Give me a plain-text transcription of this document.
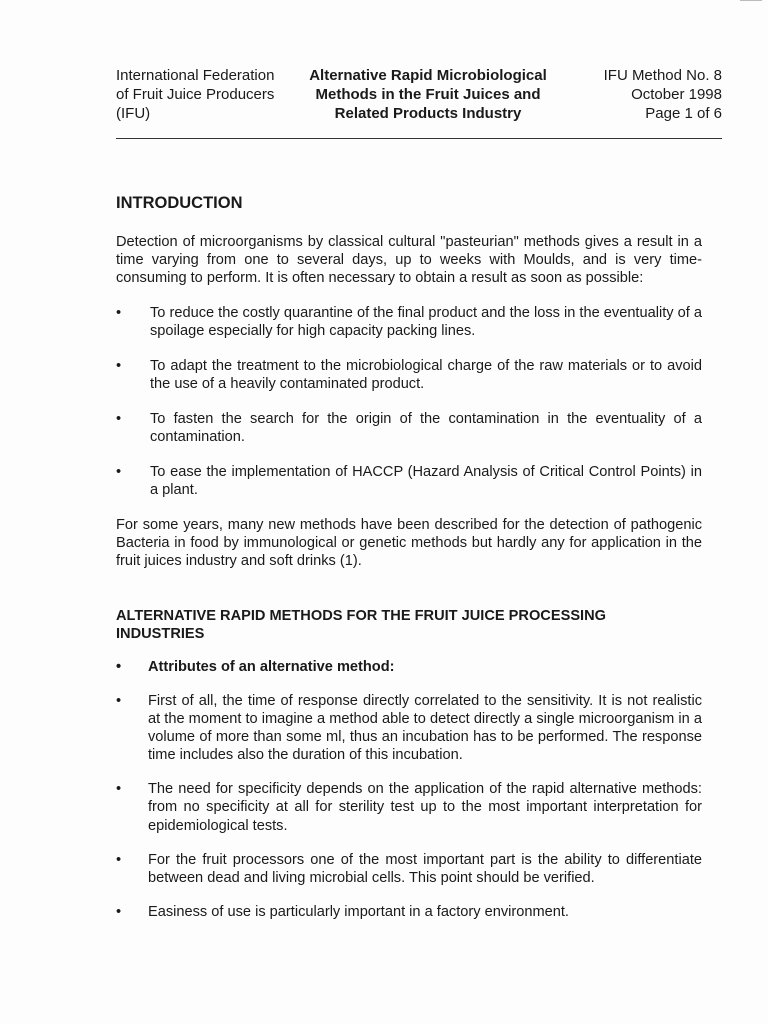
International Federation
of Fruit Juice Producers
(IFU)
Alternative Rapid Microbiological
Methods in the Fruit Juices and
Related Products Industry
IFU Method No. 8
October 1998
Page 1 of 6
INTRODUCTION

Detection of microorganisms by classical cultural "pasteurian" methods gives a result in a time varying from one to several days, up to weeks with Moulds, and is very time-consuming to perform. It is often necessary to obtain a result as soon as possible:

•	To reduce the costly quarantine of the final product and the loss in the eventuality of a spoilage especially for high capacity packing lines.
•	To adapt the treatment to the microbiological charge of the raw materials or to avoid the use of a heavily contaminated product.
•	To fasten the search for the origin of the contamination in the eventuality of a contamination.
•	To ease the implementation of HACCP (Hazard Analysis of Critical Control Points) in a plant.

For some years, many new methods have been described for the detection of pathogenic Bacteria in food by immunological or genetic methods but hardly any for application in the fruit juices industry and soft drinks (1).

ALTERNATIVE RAPID METHODS FOR THE FRUIT JUICE PROCESSING INDUSTRIES
•	Attributes of an alternative method:
•	First of all, the time of response directly correlated to the sensitivity. It is not realistic at the moment to imagine a method able to detect directly a single microorganism in a volume of more than some ml, thus an incubation has to be performed. The response time includes also the duration of this incubation.
•	The need for specificity depends on the application of the rapid alternative methods: from no specificity at all for sterility test up to the most important interpretation for epidemiological tests.
•	For the fruit processors one of the most important part is the ability to differentiate between dead and living microbial cells. This point should be verified.
•	Easiness of use is particularly important in a factory environment.
